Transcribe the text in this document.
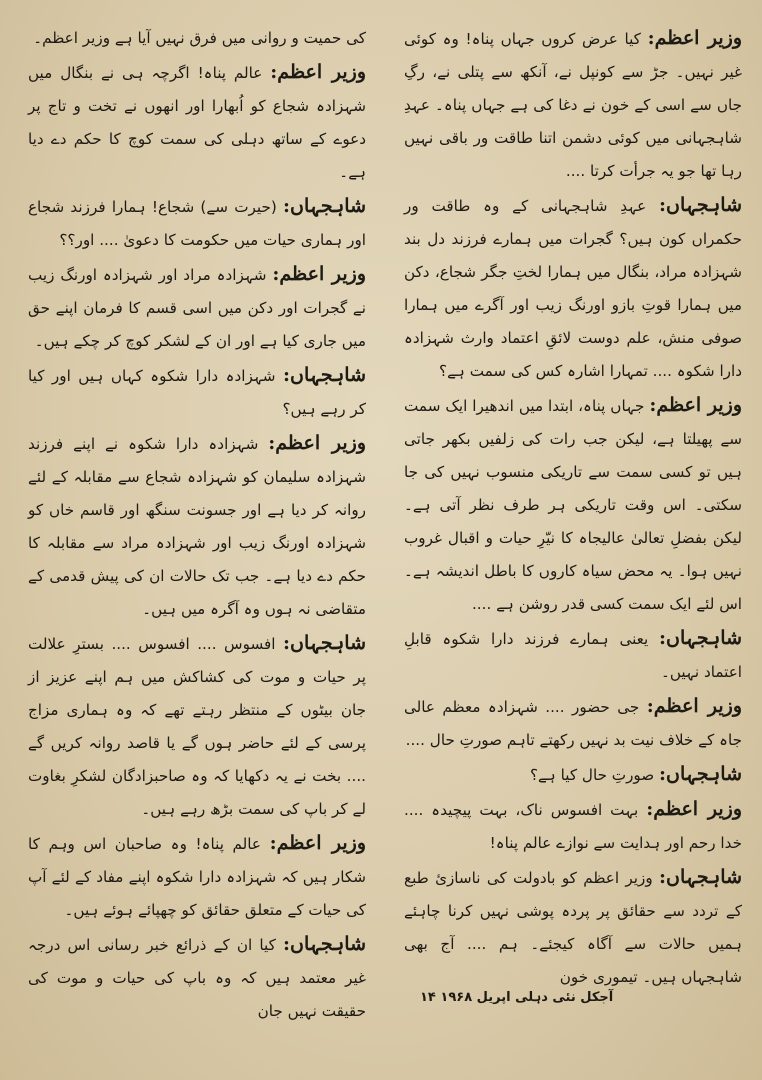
وزیر اعظم: کیا عرض کروں جہاں پناہ! وہ کوئی غیر نہیں۔ جڑ سے کونپل نے، آنکھ سے پتلی نے، رگِ جاں سے اسی کے خون نے دغا کی ہے جہاں پناہ۔ عہدِ شاہجہانی میں کوئی دشمن اتنا طاقت ور باقی نہیں رہا تھا جو یہ جرأت کرتا ....

شاہجہاں: عہدِ شاہجہانی کے وہ طاقت ور حکمراں کون ہیں؟ گجرات میں ہمارے فرزند دل بند شہزادہ مراد، بنگال میں ہمارا لختِ جگر شجاع، دکن میں ہمارا قوتِ بازو اورنگ زیب اور آگرے میں ہمارا صوفی منش، علم دوست لائقِ اعتماد وارث شہزادہ دارا شکوہ .... تمہارا اشارہ کس کی سمت ہے؟

وزیر اعظم: جہاں پناہ، ابتدا میں اندھیرا ایک سمت سے پھیلتا ہے، لیکن جب رات کی زلفیں بکھر جاتی ہیں تو کسی سمت سے تاریکی منسوب نہیں کی جا سکتی۔ اس وقت تاریکی ہر طرف نظر آتی ہے۔ لیکن بفضلِ تعالیٰ عالیجاہ کا نیّرِ حیات و اقبال غروب نہیں ہوا۔ یہ محض سیاہ کاروں کا باطل اندیشہ ہے۔ اس لئے ایک سمت کسی قدر روشن ہے ....

شاہجہاں: یعنی ہمارے فرزند دارا شکوہ قابلِ اعتماد نہیں۔

وزیر اعظم: جی حضور .... شہزادہ معظم عالی جاہ کے خلاف نیت بد نہیں رکھتے تاہم صورتِ حال ....

شاہجہاں: صورتِ حال کیا ہے؟

وزیر اعظم: بہت افسوس ناک، بہت پیچیدہ .... خدا رحم اور ہدایت سے نوازے عالم پناہ!

شاہجہاں: وزیر اعظم کو بادولت کی ناسازیٔ طبع کے تردد سے حقائق پر پردہ پوشی نہیں کرنا چاہئے ہمیں حالات سے آگاہ کیجئے۔ ہم .... آج بھی شاہجہاں ہیں۔ تیموری خون

کی حمیت و روانی میں فرق نہیں آیا ہے وزیر اعظم۔

وزیر اعظم: عالم پناہ! اگرچہ ہی نے بنگال میں شہزادہ شجاع کو اُبھارا اور انھوں نے تخت و تاج پر دعوے کے ساتھ دہلی کی سمت کوچ کا حکم دے دیا ہے۔

شاہجہاں: (حیرت سے) شجاع! ہمارا فرزند شجاع اور ہماری حیات میں حکومت کا دعویٰ .... اور؟؟

وزیر اعظم: شہزادہ مراد اور شہزادہ اورنگ زیب نے گجرات اور دکن میں اسی قسم کا فرمان اپنے حق میں جاری کیا ہے اور ان کے لشکر کوچ کر چکے ہیں۔

شاہجہاں: شہزادہ دارا شکوہ کہاں ہیں اور کیا کر رہے ہیں؟

وزیر اعظم: شہزادہ دارا شکوہ نے اپنے فرزند شہزادہ سلیمان کو شہزادہ شجاع سے مقابلہ کے لئے روانہ کر دیا ہے اور جسونت سنگھ اور قاسم خاں کو شہزادہ اورنگ زیب اور شہزادہ مراد سے مقابلہ کا حکم دے دیا ہے۔ جب تک حالات ان کی پیش قدمی کے متقاضی نہ ہوں وہ آگرہ میں ہیں۔

شاہجہاں: افسوس .... افسوس .... بسترِ علالت پر حیات و موت کی کشاکش میں ہم اپنے عزیز از جان بیٹوں کے منتظر رہتے تھے کہ وہ ہماری مزاج پرسی کے لئے حاضر ہوں گے یا قاصد روانہ کریں گے .... بخت نے یہ دکھایا کہ وہ صاحبزادگان لشکرِ بغاوت لے کر باپ کی سمت بڑھ رہے ہیں۔

وزیر اعظم: عالم پناہ! وہ صاحبان اس وہم کا شکار ہیں کہ شہزادہ دارا شکوہ اپنے مفاد کے لئے آپ کی حیات کے متعلق حقائق کو چھپائے ہوئے ہیں۔

شاہجہاں: کیا ان کے ذرائع خبر رسانی اس درجہ غیر معتمد ہیں کہ وہ باپ کی حیات و موت کی حقیقت نہیں جان

آجکل نئی دہلی اپریل ۱۹۶۸ ۱۴
